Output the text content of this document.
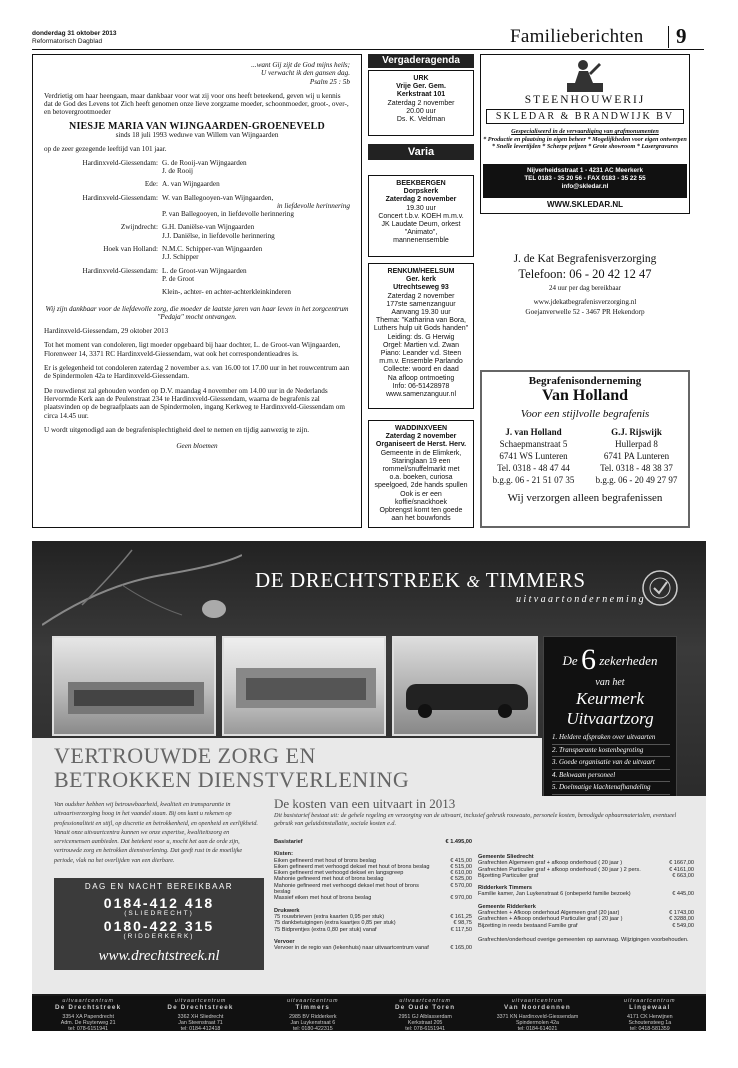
donderdag 31 oktober 2013
Reformatorisch Dagblad	Familieberichten 9
...want Gij zijt de God mijns heils;
U verwacht ik den gansen dag.
Psalm 25 : 5b

Verdrietig om haar heengaan, maar dankbaar voor wat zij voor ons heeft beteekend, geven wij u kennis dat de God des Levens tot Zich heeft genomen onze lieve zorgzame moeder, schoonmoeder, groot-, over-, en betovergrootmoeder

NIESJE MARIA VAN WIJNGAARDEN-GROENEVELD
sinds 18 juli 1993 weduwe van Willem van Wijngaarden

op de zeer gezegende leeftijd van 101 jaar.

Hardinxveld-Giessendam: G. de Rooij-van Wijngaarden
J. de Rooij
Ede: A. van Wijngaarden
Hardinxveld-Giessendam: W. van Ballegooyen-van Wijngaarden,
in liefdevolle herinnering
P. van Ballegooyen, in liefdevolle herinnering
Zwijndrecht: G.H. Daniëlse-van Wijngaarden
J.J. Daniëlse, in liefdevolle herinnering
Hoek van Holland: N.M.C. Schipper-van Wijngaarden
J.J. Schipper
Hardinxveld-Giessendam: L. de Groot-van Wijngaarden
P. de Groot
Klein-, achter- en achter-achterkleinkinderen
Wij zijn dankbaar voor de liefdevolle zorg, die moeder de laatste jaren van haar leven in het zorgcentrum "Pedaja" mocht ontvangen.

Hardinxveld-Giessendam, 29 oktober 2013

Tot het moment van condoleren, ligt moeder opgebaard bij haar dochter, L. de Groot-van Wijngaarden, Florenweer 14, 3371 RC Hardinxveld-Giessendam, wat ook het correspondentieadres is.

Er is gelegenheid tot condoleren zaterdag 2 november a.s. van 16.00 tot 17.00 uur in het rouwcentrum aan de Spindermolen 42a te Hardinxveld-Giessendam.

De rouwdienst zal gehouden worden op D.V. maandag 4 november om 14.00 uur in de Nederlands Hervormde Kerk aan de Peulenstraat 234 te Hardinxveld-Giessendam, waarna de begrafenis zal plaatsvinden op de begraafplaats aan de Spindermolen, ingang Kerkweg te Hardinxveld-Giessendam om circa 14.45 uur.

U wordt uitgenodigd aan de begrafenisplechtigheid deel te nemen en tijdig aanwezig te zijn.

Geen bloemen
Vergaderagenda
URK
Vrije Ger. Gem.
Kerkstraat 101
Zaterdag 2 november
20.00 uur
Ds. K. Veldman
Varia
BEEKBERGEN
Dorpskerk
Zaterdag 2 november
19.30 uur
Concert t.b.v. KOEH m.m.v.
JK Laudate Deum, orkest
"Animato",
mannenensemble
RENKUM/HEELSUM
Ger. kerk
Utrechtseweg 93
Zaterdag 2 november
177ste samenzanguur
Aanvang 19.30 uur
Thema: "Katharina van Bora,
Luthers hulp uit Gods handen"
Leiding: ds. G Herwig
Orgel: Martien v.d. Zwan
Piano: Leander v.d. Steen
m.m.v. Ensemble Parlando
Collecte: woord en daad
Na afloop ontmoeting
Info: 06-51428978
www.samenzanguur.nl
WADDINXVEEN
Zaterdag 2 november
Organiseert de Herst. Herv.
Gemeente in de Elimkerk,
Staringlaan 19 een
rommel/snuffelmarkt met
o.a. boeken, curiosa
speelgoed, 2de hands spullen
Ook is er een
koffie/snackhoek
Opbrengst komt ten goede
aan het bouwfonds
STEENHOUWERIJ
SKLEDAR & BRANDWIJK BV
Gespecialiseerd in de vervaardiging van grafmonumenten
* Productie en plaatsing in eigen beheer * Mogelijkheden voor eigen ontwerpen
* Snelle levertijden * Scherpe prijzen * Grote showroom * Lasergravures
Nijverheidsstraat 1 - 4231 AC Meerkerk
TEL 0183 - 35 20 56 - FAX 0183 - 35 22 55
info@skledar.nl
WWW.SKLEDAR.NL
J. de Kat Begrafenisverzorging
Telefoon: 06 - 20 42 12 47
24 uur per dag bereikbaar
www.jdekatbegrafenisverzorging.nl
Goejanverwelle 52 - 3467 PR Hekendorp
Begrafenisonderneming
Van Holland
Voor een stijlvolle begrafenis
J. van Holland
Schaepmanstraat 5
6741 WS Lunteren
Tel. 0318 - 48 47 44
b.g.g. 06 - 21 51 07 35
G.J. Rijswijk
Hullerpad 8
6741 PA Lunteren
Tel. 0318 - 48 38 37
b.g.g. 06 - 20 49 27 97
Wij verzorgen alleen begrafenissen
DE DRECHTSTREEK & TIMMERS
uitvaartonderneming
De 6 zekerheden
van het
Keurmerk
Uitvaartzorg
1. Heldere afspraken over uitvaarten
2. Transparante kostenbegroting
3. Goede organisatie van de uitvaart
4. Bekwaam personeel
5. Doelmatige klachtenafhandeling
VERTROUWDE ZORG EN
BETROKKEN DIENSTVERLENING
Van oudsher hebben wij betrouwbaarheid, kwaliteit en transparantie in uitvaartverzorging hoog in het vaandel staan. Bij ons kunt u rekenen op professionaliteit en stijl, op discretie en betrokkenheid, en openheid en eerlijkheid. Vanuit onze uitvaartcentra kunnen we onze expertise, kwaliteitszorg en servicemensen aanbieden. Dat betekent voor u, mocht het aan de orde zijn, vertrouwde zorg en betrokken dienstverlening. Dat geeft rust in de moeilijke periode, vlak na het overlijden van een dierbare.
DAG EN NACHT BEREIKBAAR
0184-412 418
(SLIEDRECHT)
0180-422 315
(RIDDERKERK)
www.drechtstreek.nl
De kosten van een uitvaart in 2013
Dit basistarief bestaat uit: de gehele regeling en verzorging van de uitvaart, inclusief gebruik rouwauto, personele kosten, benodigde opbaarmaterialen, eventueel gebruik van geluidsinstallatie, sociale kosten e.d.
Basistarief	€ 1.495,00
Kisten:
Eiken gefineerd met hout of brons beslag	€ 415,00
Eiken gefineerd met verhoogd deksel met hout of brons beslag	€ 515,00
Eiken gefineerd met verhoogd deksel en langsgreep	€ 610,00
Mahonie gefineerd met hout of brons beslag	€ 525,00
Mahonie gefineerd met verhoogd deksel met hout of brons beslag
€ 570,00
Massief eiken met hout of brons beslag	€ 970,00
Drukwerk
75 rouwbrieven (extra kaarten 0,95 per stuk)	€ 161,25
75 dankbetuigingen (extra kaartjes 0,85 per stuk)	€ 98,75
75 Bidprentjes (extra 0,80 per stuk) vanaf	€ 117,50
Vervoer
Vervoer in de regio van (Iekenhuis) naar uitvaartcentrum vanaf	€ 165,00
Gemeente Sliedrecht
Grafrechten Algemeen graf + afkoop onderhoud ( 20 jaar )	€ 1667,00
Grafrechten Particulier graf + afkoop onderhoud ( 30 jaar ) 2 pers.	€ 4161,00
Bijzetting Particulier graf	€ 663,00
Ridderkerk Timmers
Familie kamer, Jan Luykenstraat 6 (onbeperkt familie bezoek)	€ 445,00
Gemeente Ridderkerk
Grafrechten + Afkoop onderhoud Algemeen graf (20 jaar)	€ 1743,00
Grafrechten + Afkoop onderhoud Particulier graf ( 20 jaar )	€ 3288,00
Bijzetting in reeds bestaand Familie graf	€ 549,00
Grafrechten/onderhoud overige gemeenten op aanvraag. Wijzigingen voorbehouden.
uitvaartcentrum
De Drechtstreek
3354 XA Papendrecht
Adm. De Ruyterweg 21
tel: 078-6151941
uitvaartcentrum
De Drechtstreek
3362 XH Sliedrecht
Jan Steenstraat 71
tel: 0184-412418
uitvaartcentrum
Timmers
2985 BV Ridderkerk
Jan Luykenstraat 6
tel: 0180-422315
uitvaartcentrum
De Oude Toren
2951 GJ Alblasserdam
Kerkstraat 205
tel: 078-6151941
uitvaartcentrum
Van Noordennen
3371 KN Hardinxveld-Giessendam
Spindermolen 42a
tel: 0184-614021
uitvaartcentrum
Lingewaal
4171 CK Herwijnen
Schoutensteeg 1a
tel: 0418-581359
